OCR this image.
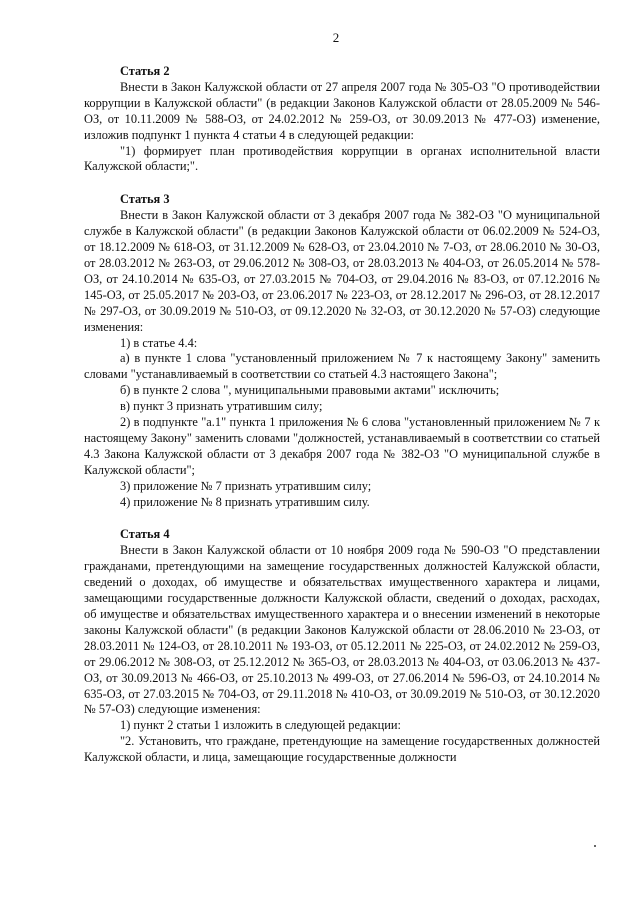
2

Статья 2

Внести в Закон Калужской области от 27 апреля 2007 года № 305-ОЗ "О противодействии коррупции в Калужской области" (в редакции Законов Калужской области от 28.05.2009 № 546-ОЗ, от 10.11.2009 № 588-ОЗ, от 24.02.2012 № 259-ОЗ, от 30.09.2013 № 477-ОЗ) изменение, изложив подпункт 1 пункта 4 статьи 4 в следующей редакции:

"1) формирует план противодействия коррупции в органах исполнительной власти Калужской области;".

Статья 3

Внести в Закон Калужской области от 3 декабря 2007 года № 382-ОЗ "О муниципальной службе в Калужской области" (в редакции Законов Калужской области от 06.02.2009 № 524-ОЗ, от 18.12.2009 № 618-ОЗ, от 31.12.2009 № 628-ОЗ, от 23.04.2010 № 7-ОЗ, от 28.06.2010 № 30-ОЗ, от 28.03.2012 № 263-ОЗ, от 29.06.2012 № 308-ОЗ, от 28.03.2013 № 404-ОЗ, от 26.05.2014 № 578-ОЗ, от 24.10.2014 № 635-ОЗ, от 27.03.2015 № 704-ОЗ, от 29.04.2016 № 83-ОЗ, от 07.12.2016 № 145-ОЗ, от 25.05.2017 № 203-ОЗ, от 23.06.2017 № 223-ОЗ, от 28.12.2017 № 296-ОЗ, от 28.12.2017 № 297-ОЗ, от 30.09.2019 № 510-ОЗ, от 09.12.2020 № 32-ОЗ, от 30.12.2020 № 57-ОЗ) следующие изменения:

1) в статье 4.4:

а) в пункте 1 слова "установленный приложением № 7 к настоящему Закону" заменить словами "устанавливаемый в соответствии со статьей 4.3 настоящего Закона";

б) в пункте 2 слова ", муниципальными правовыми актами" исключить;

в) пункт 3 признать утратившим силу;

2) в подпункте "а.1" пункта 1 приложения № 6 слова "установленный приложением № 7 к настоящему Закону" заменить словами "должностей, устанавливаемый в соответствии со статьей 4.3 Закона Калужской области от 3 декабря 2007 года № 382-ОЗ "О муниципальной службе в Калужской области";

3) приложение № 7 признать утратившим силу;

4) приложение № 8 признать утратившим силу.

Статья 4

Внести в Закон Калужской области от 10 ноября 2009 года № 590-ОЗ "О представлении гражданами, претендующими на замещение государственных должностей Калужской области, сведений о доходах, об имуществе и обязательствах имущественного характера и лицами, замещающими государственные должности Калужской области, сведений о доходах, расходах, об имуществе и обязательствах имущественного характера и о внесении изменений в некоторые законы Калужской области" (в редакции Законов Калужской области от 28.06.2010 № 23-ОЗ, от 28.03.2011 № 124-ОЗ, от 28.10.2011 № 193-ОЗ, от 05.12.2011 № 225-ОЗ, от 24.02.2012 № 259-ОЗ, от 29.06.2012 № 308-ОЗ, от 25.12.2012 № 365-ОЗ, от 28.03.2013 № 404-ОЗ, от 03.06.2013 № 437-ОЗ, от 30.09.2013 № 466-ОЗ, от 25.10.2013 № 499-ОЗ, от 27.06.2014 № 596-ОЗ, от 24.10.2014 № 635-ОЗ, от 27.03.2015 № 704-ОЗ, от 29.11.2018 № 410-ОЗ, от 30.09.2019 № 510-ОЗ, от 30.12.2020 № 57-ОЗ) следующие изменения:

1) пункт 2 статьи 1 изложить в следующей редакции:

"2. Установить, что граждане, претендующие на замещение государственных должностей Калужской области, и лица, замещающие государственные должности
